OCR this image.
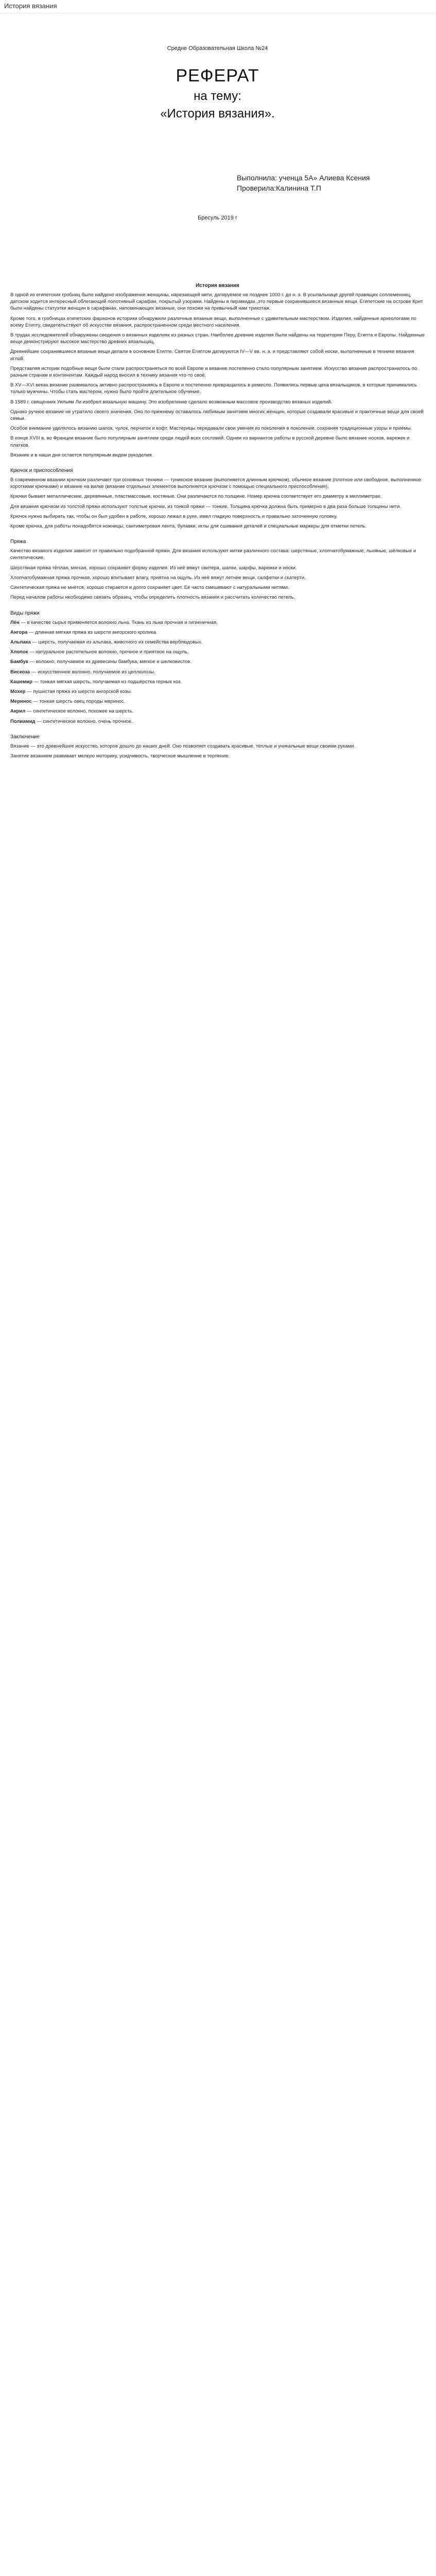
История вязания
Средне Образовательная Школа №24
РЕФЕРАТ
на тему:
«История вязания».
Выполнила: ученца 5А» Алиева Ксения
Проверила:Калинина Т.П
Бресуль 2019 г
История вязания

В одной из египетских гробниц было найдено изображение женщины, нарезающей нити, датируемое не позднее 1000 г. до н. э. В усыпальнице другой правящих соплеменниц, датском ходится интересный облегающий полотняный сарафан, покрытый узорами. Найдены в пирамидах ,это первые сохранившиеся вязанные вещи. Египетские на острове Крит были найдены статуэтки женщин в сарафанах, напоминающих вязаные, они похожи на привычный нам трикотаж.

Кроме того, в гробницах египетских фараонов историки обнаружили различные вязаные вещи, выполненные с удивительным мастерством. Изделия, найденные археологами по всему Египту, свидетельствуют об искусстве вязания, распространенном среди местного населения.

В трудах исследователей обнаружены сведения о вязанных изделиях из разных стран. Наиболее древние изделия были найдены на территории Перу, Египта и Европы. Найденные вещи демонстрируют высокое мастерство древних вязальщиц.

Древнейшие сохранившиеся вязаные вещи делали в основном Египте. Святое Египтом датируются IV—V вв. н. э. и представляют собой носки, выполненные в технике вязания иглой.

Представляя истории подобные вещи были стали распространяться по всей Европе и вязание постепенно стало популярным занятием. Искусство вязания распространилось по разным странам и континентам. Каждый народ вносил в технику вязания что-то своё.

В XV—XVI веках вязание развивалось активно распространяясь в Европе и постепенно превращалось в ремесло. Появились первые цеха вязальщиков, в которые принимались только мужчины. Чтобы стать мастером, нужно было пройти длительное обучение.

В 1589 г. священник Уильям Ли изобрел вязальную машину. Это изобретение сделало возможным массовое производство вязаных изделий.

Однако ручное вязание не утратило своего значения. Оно по-прежнему оставалось любимым занятием многих женщин, которые создавали красивые и практичные вещи для своей семьи.

Особое внимание уделялось вязанию шапок, чулок, перчаток и кофт. Мастерицы передавали свои умения из поколения в поколение, сохраняя традиционные узоры и приёмы.

В конце XVIII в. во Франции вязание было популярным занятием среди людей всех сословий. Одним из вариантов работы в русской деревне было вязание носков, варежек и платков.

Вязание и в наши дни остается популярным видом рукоделия.

Крючок и приспособления

В современном вязании крючком различают три основных техники — туникское вязание (выполняется длинным крючком), обычное вязание (плотное или свободное, выполненное короткими крючками) и вязание на вилке (вязание отдельных элементов выполняется крючком с помощью специального приспособления).

Крючки бывают металлические, деревянные, пластмассовые, костяные. Они различаются по толщине. Номер крючка соответствует его диаметру в миллиметрах.

Для вязания крючком из толстой пряжи используют толстые крючки, из тонкой пряжи — тонкие. Толщина крючка должна быть примерно в два раза больше толщины нити.

Крючок нужно выбирать так, чтобы он был удобен в работе, хорошо лежал в руке, имел гладкую поверхность и правильно заточенную головку.

Кроме крючка, для работы понадобятся ножницы, сантиметровая лента, булавки, иглы для сшивания деталей и специальные маркеры для отметки петель.

Пряжа

Качество вязаного изделия зависит от правильно подобранной пряжи. Для вязания используют нитки различного состава: шерстяные, хлопчатобумажные, льняные, шёлковые и синтетические.

Шерстяная пряжа тёплая, мягкая, хорошо сохраняет форму изделия. Из неё вяжут свитера, шапки, шарфы, варежки и носки.

Хлопчатобумажная пряжа прочная, хорошо впитывает влагу, приятна на ощупь. Из неё вяжут летние вещи, салфетки и скатерти.

Синтетическая пряжа не мнётся, хорошо стирается и долго сохраняет цвет. Её часто смешивают с натуральными нитями.

Перед началом работы необходимо связать образец, чтобы определить плотность вязания и рассчитать количество петель.

Виды пряжи

Лён — в качестве сырья применяется волокно льна. Ткань из льна прочная и гигиеничная.

Ангора — длинная мягкая пряжа из шерсти ангорского кролика.

Альпака — шерсть, получаемая из альпака, животного из семейства верблюдовых.

Хлопок — натуральное растительное волокно, прочное и приятное на ощупь.

Бамбук — волокно, получаемое из древесины бамбука, мягкое и шелковистое.

Вискоза — искусственное волокно, получаемое из целлюлозы.

Кашемир — тонкая мягкая шерсть, получаемая из подшёрстка горных коз.

Мохер — пушистая пряжа из шерсти ангорской козы.

Меринос — тонкая шерсть овец породы меринос.

Акрил — синтетическое волокно, похожее на шерсть.

Полиамид — синтетическое волокно, очень прочное.

Заключение

Вязание — это древнейшее искусство, которое дошло до наших дней. Оно позволяет создавать красивые, тёплые и уникальные вещи своими руками.

Занятие вязанием развивает мелкую моторику, усидчивость, творческое мышление и терпение.
